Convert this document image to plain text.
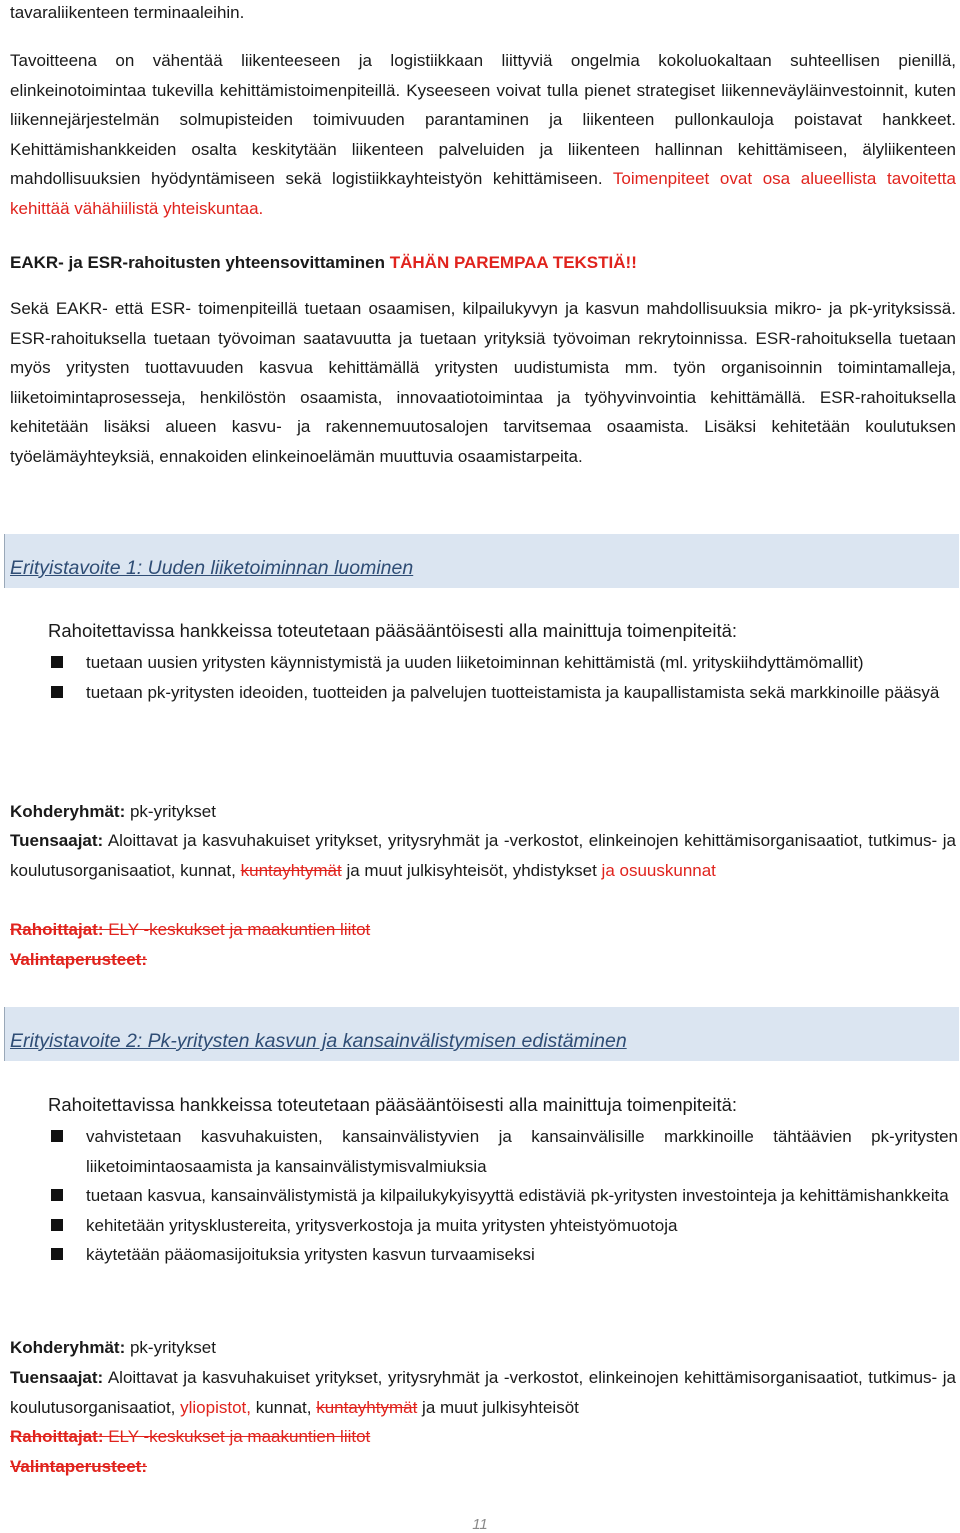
tavaraliikenteen terminaaleihin.

Tavoitteena on vähentää liikenteeseen ja logistiikkaan liittyviä ongelmia kokoluokaltaan suhteellisen pienillä, elinkeinotoimintaa tukevilla kehittämistoimenpiteillä. Kyseeseen voivat tulla pienet strategiset liikenneväyläinvestoinnit, kuten liikennejärjestelmän solmupisteiden toimivuuden parantaminen ja liikenteen pullonkauloja poistavat hankkeet. Kehittämishankkeiden osalta keskitytään liikenteen palveluiden ja liikenteen hallinnan kehittämiseen, älyliikenteen mahdollisuuksien hyödyntämiseen sekä logistiikkayhteistyön kehittämiseen. Toimenpiteet ovat osa alueellista tavoitetta kehittää vähähiilistä yhteiskuntaa.

EAKR- ja ESR-rahoitusten yhteensovittaminen TÄHÄN PAREMPAA TEKSTIÄ!!

Sekä EAKR- että ESR- toimenpiteillä tuetaan osaamisen, kilpailukyvyn ja kasvun mahdollisuuksia mikro- ja pk-yrityksissä. ESR-rahoituksella tuetaan työvoiman saatavuutta ja tuetaan yrityksiä työvoiman rekrytoinnissa. ESR-rahoituksella tuetaan myös yritysten tuottavuuden kasvua kehittämällä yritysten uudistumista mm. työn organisoinnin toimintamalleja, liiketoimintaprosesseja, henkilöstön osaamista, innovaatiotoimintaa ja työhyvinvointia kehittämällä. ESR-rahoituksella kehitetään lisäksi alueen kasvu- ja rakennemuutosalojen tarvitsemaa osaamista. Lisäksi kehitetään koulutuksen työelämäyhteyksiä, ennakoiden elinkeinoelämän muuttuvia osaamistarpeita.

Erityistavoite 1: Uuden liiketoiminnan luominen
Rahoitettavissa hankkeissa toteutetaan pääsääntöisesti alla mainittuja toimenpiteitä:
tuetaan uusien yritysten käynnistymistä ja uuden liiketoiminnan kehittämistä (ml. yrityskiihdyttämömallit)
tuetaan pk-yritysten ideoiden, tuotteiden ja palvelujen tuotteistamista ja kaupallistamista sekä markkinoille pääsyä

Kohderyhmät: pk-yritykset

Tuensaajat: Aloittavat ja kasvuhakuiset yritykset, yritysryhmät ja -verkostot, elinkeinojen kehittämisorganisaatiot, tutkimus- ja koulutusorganisaatiot, kunnat, kuntayhtymät ja muut julkisyhteisöt, yhdistykset ja osuuskunnat

Rahoittajat: ELY -keskukset ja maakuntien liitot

Valintaperusteet:

Erityistavoite 2: Pk-yritysten kasvun ja kansainvälistymisen edistäminen
Rahoitettavissa hankkeissa toteutetaan pääsääntöisesti alla mainittuja toimenpiteitä:
vahvistetaan kasvuhakuisten, kansainvälistyvien ja kansainvälisille markkinoille tähtäävien pk-yritysten liiketoimintaosaamista ja kansainvälistymisvalmiuksia
tuetaan kasvua, kansainvälistymistä ja kilpailukykyisyyttä edistäviä pk-yritysten investointeja ja kehittämishankkeita
kehitetään yritysklustereita, yritysverkostoja ja muita yritysten yhteistyömuotoja
käytetään pääomasijoituksia yritysten kasvun turvaamiseksi

Kohderyhmät: pk-yritykset

Tuensaajat: Aloittavat ja kasvuhakuiset yritykset, yritysryhmät ja -verkostot, elinkeinojen kehittämisorganisaatiot, tutkimus- ja koulutusorganisaatiot, yliopistot, kunnat, kuntayhtymät ja muut julkisyhteisöt

Rahoittajat: ELY -keskukset ja maakuntien liitot

Valintaperusteet:

11
